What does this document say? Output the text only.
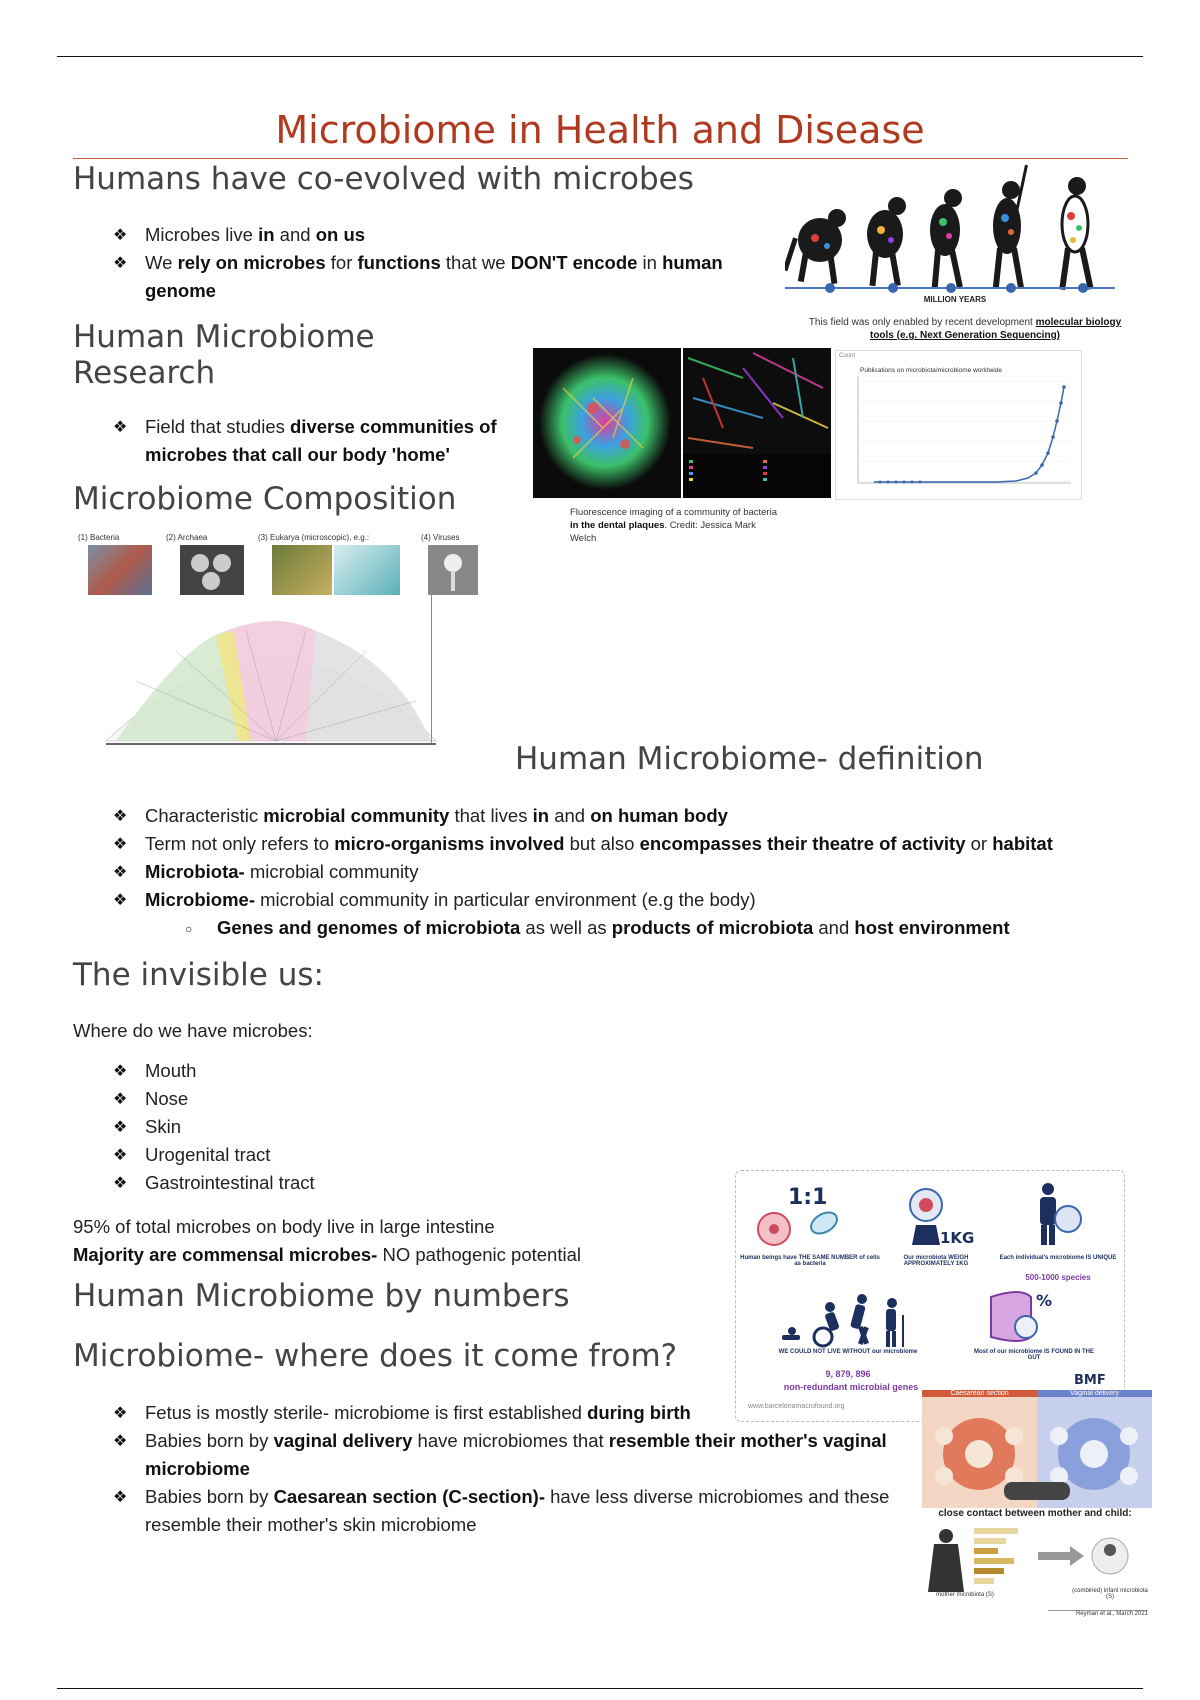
Microbiome in Health and Disease
Humans have co-evolved with microbes
❖ Microbes live in and on us
❖ We rely on microbes for functions that we DON'T encode in human genome	MILLION YEARS
This field was only enabled by recent development molecular biology tools (e.g. Next Generation Sequencing)
Human Microbiome Research
❖ Field that studies diverse communities of microbes that call our body 'home'
Fluorescence imaging of a community of bacteria in the dental plaques. Credit: Jessica Mark Welch
Count
Publications on microbiota/microbiome worldwide
Microbiome Composition
(1) Bacteria	(2) Archaea	(3) Eukarya (microscopic), e.g.:	(4) Viruses
Human Microbiome- definition
❖ Characteristic microbial community that lives in and on human body
❖ Term not only refers to micro-organisms involved but also encompasses their theatre of activity or habitat
❖ Microbiota- microbial community
❖ Microbiome- microbial community in particular environment (e.g the body)
○ Genes and genomes of microbiota as well as products of microbiota and host environment
The invisible us:
Where do we have microbes:
❖ Mouth
❖ Nose
❖ Skin
❖ Urogenital tract
❖ Gastrointestinal tract
95% of total microbes on body live in large intestine
Majority are commensal microbes- NO pathogenic potential
Human Microbiome by numbers
1:1
Human beings have THE SAME NUMBER of cells as bacteria
1KG
Our microbiota WEIGH APPROXIMATELY 1KG
Each individual's microbiome IS UNIQUE
500-1000 species
WE COULD NOT LIVE WITHOUT our microbiome
9, 879, 896
non-redundant microbial genes
%
Most of our microbiome IS FOUND IN THE GUT
BMF
www.barcelonamacrofound.org
Microbiome- where does it come from?
❖ Fetus is mostly sterile- microbiome is first established during birth
❖ Babies born by vaginal delivery have microbiomes that resemble their mother's vaginal microbiome
❖ Babies born by Caesarean section (C-section)- have less diverse microbiomes and these resemble their mother's skin microbiome
Caesarean section	Vaginal delivery
close contact between mother and child:
mother microbiota (S)
(combined) infant microbiota (S)
Reyman et al., March 2021
